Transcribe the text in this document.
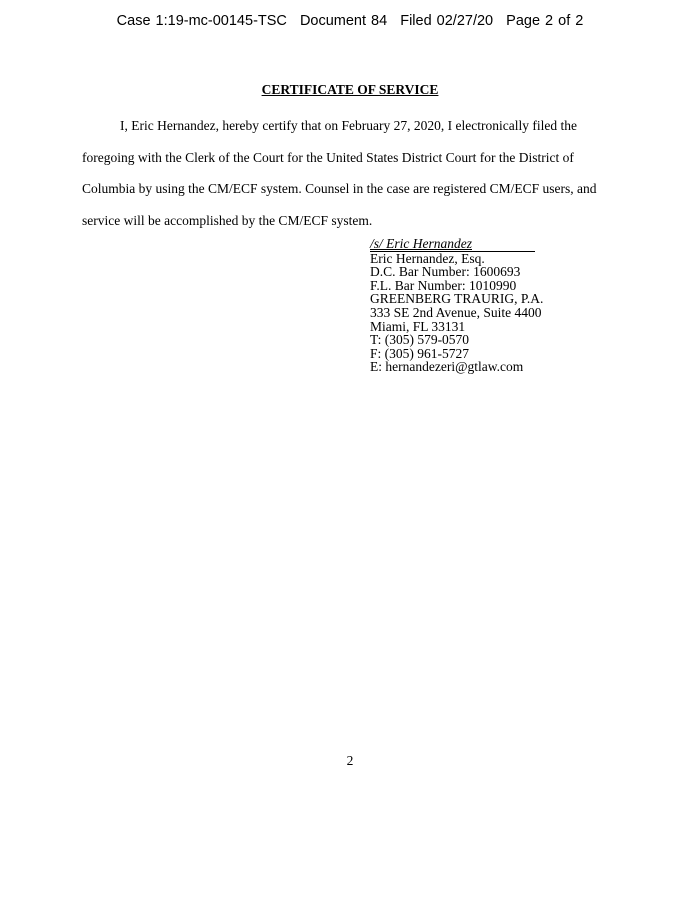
Case 1:19-mc-00145-TSC Document 84 Filed 02/27/20 Page 2 of 2
CERTIFICATE OF SERVICE

I, Eric Hernandez, hereby certify that on February 27, 2020, I electronically filed the

foregoing with the Clerk of the Court for the United States District Court for the District of

Columbia by using the CM/ECF system. Counsel in the case are registered CM/ECF users, and

service will be accomplished by the CM/ECF system.

/s/ Eric Hernandez
Eric Hernandez, Esq.
D.C. Bar Number: 1600693
F.L. Bar Number: 1010990
GREENBERG TRAURIG, P.A.
333 SE 2nd Avenue, Suite 4400
Miami, FL 33131
T: (305) 579-0570
F: (305) 961-5727
E: hernandezeri@gtlaw.com
2
